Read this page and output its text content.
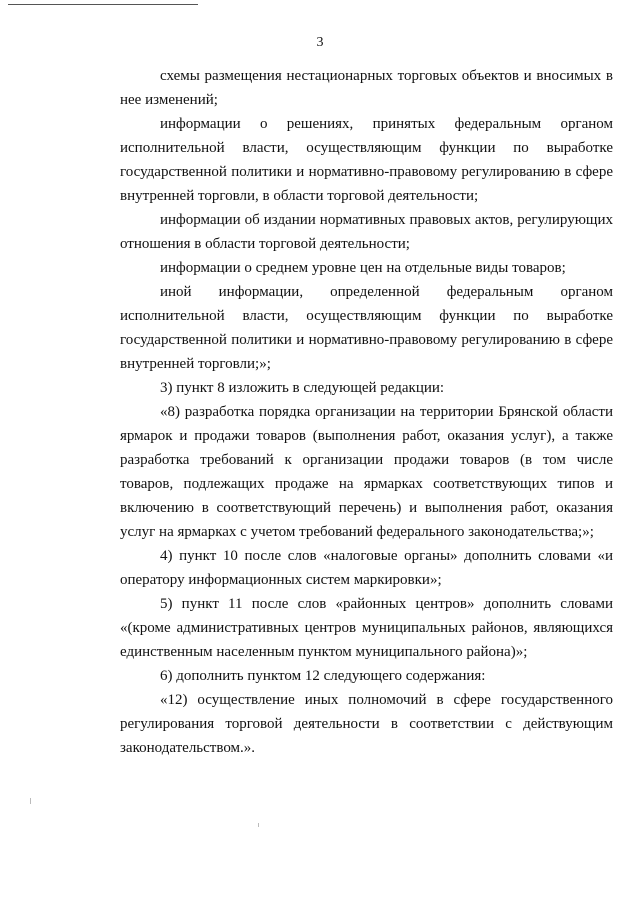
3

схемы размещения нестационарных торговых объектов и вносимых в нее изменений;

информации о решениях, принятых федеральным органом исполнительной власти, осуществляющим функции по выработке государственной политики и нормативно-правовому регулированию в сфере внутренней торговли, в области торговой деятельности;

информации об издании нормативных правовых актов, регулирующих отношения в области торговой деятельности;

информации о среднем уровне цен на отдельные виды товаров;

иной информации, определенной федеральным органом исполнительной власти, осуществляющим функции по выработке государственной политики и нормативно-правовому регулированию в сфере внутренней торговли;»;

3) пункт 8 изложить в следующей редакции:

«8) разработка порядка организации на территории Брянской области ярмарок и продажи товаров (выполнения работ, оказания услуг), а также разработка требований к организации продажи товаров (в том числе товаров, подлежащих продаже на ярмарках соответствующих типов и включению в соответствующий перечень) и выполнения работ, оказания услуг на ярмарках с учетом требований федерального законодательства;»;

4) пункт 10 после слов «налоговые органы» дополнить словами «и оператору информационных систем маркировки»;

5) пункт 11 после слов «районных центров» дополнить словами «(кроме административных центров муниципальных районов, являющихся единственным населенным пунктом муниципального района)»;

6) дополнить пунктом 12 следующего содержания:

«12) осуществление иных полномочий в сфере государственного регулирования торговой деятельности в соответствии с действующим законодательством.».
